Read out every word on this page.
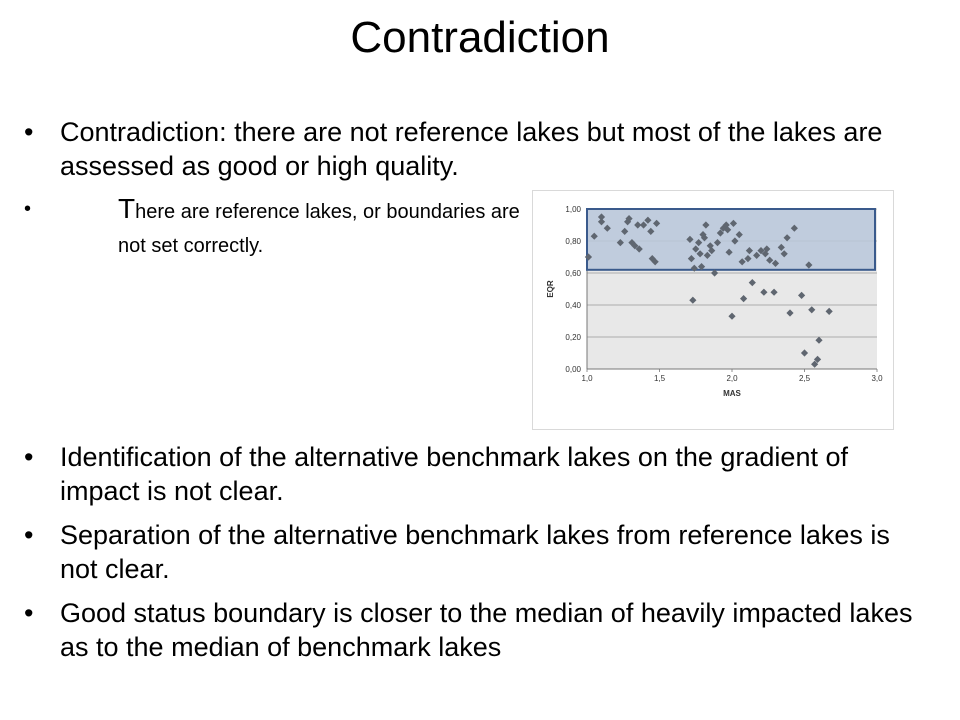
Contradiction
• Contradiction: there are not reference lakes but most of the lakes are assessed as good or high quality.
•	There are reference lakes, or boundaries are not set correctly.
0,00
0,20
0,40
0,60
0,80
1,00
1,0	1,5	2,0	2,5	3,0
MAS
EQR
• Identification of the alternative benchmark lakes on the gradient of impact is not clear.
• Separation of the alternative benchmark lakes from reference lakes is not clear.
• Good status boundary is closer to the median of heavily impacted lakes as to the median of benchmark lakes
